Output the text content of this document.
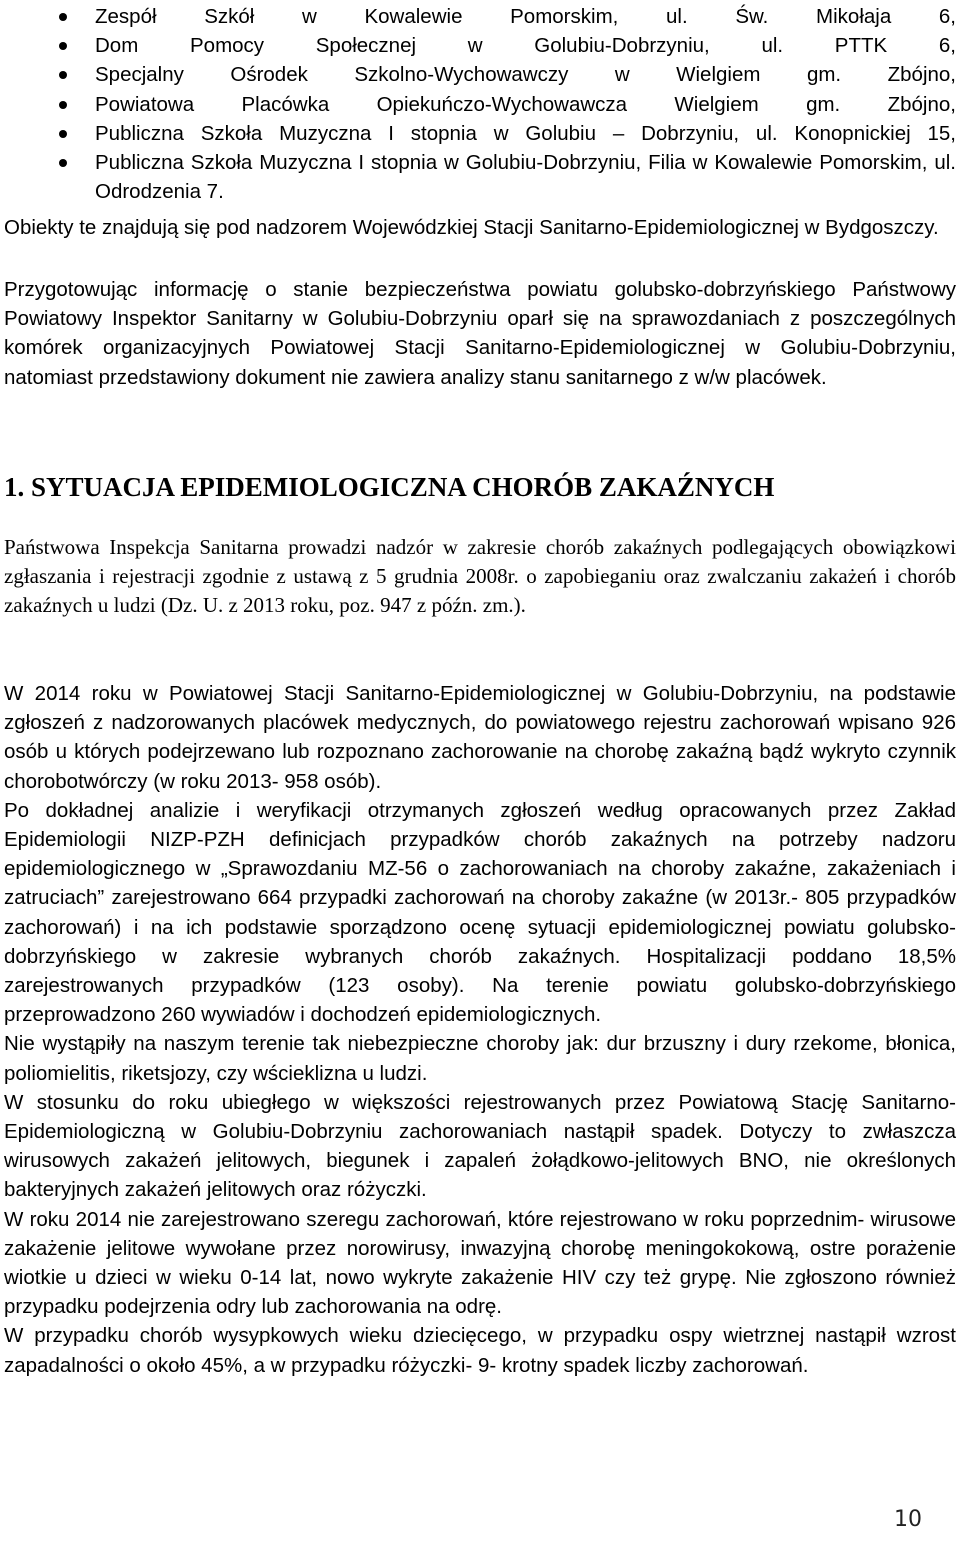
Zespół Szkół w Kowalewie Pomorskim, ul. Św. Mikołaja 6,
Dom Pomocy Społecznej w Golubiu-Dobrzyniu, ul. PTTK 6,
Specjalny Ośrodek Szkolno-Wychowawczy w Wielgiem gm. Zbójno,
Powiatowa Placówka Opiekuńczo-Wychowawcza Wielgiem gm. Zbójno,
Publiczna Szkoła Muzyczna I stopnia w Golubiu – Dobrzyniu, ul. Konopnickiej 15,
Publiczna Szkoła Muzyczna I stopnia w Golubiu-Dobrzyniu, Filia w Kowalewie Pomorskim, ul. Odrodzenia 7.

Obiekty te znajdują się pod nadzorem Wojewódzkiej Stacji Sanitarno-Epidemiologicznej w Bydgoszczy.

Przygotowując informację o stanie bezpieczeństwa powiatu golubsko-dobrzyńskiego Państwowy Powiatowy Inspektor Sanitarny w Golubiu-Dobrzyniu oparł się na sprawozdaniach z poszczególnych komórek organizacyjnych Powiatowej Stacji Sanitarno-Epidemiologicznej w Golubiu-Dobrzyniu, natomiast przedstawiony dokument nie zawiera analizy stanu sanitarnego z w/w placówek.

1. SYTUACJA EPIDEMIOLOGICZNA CHORÓB ZAKAŹNYCH

Państwowa Inspekcja Sanitarna prowadzi nadzór w zakresie chorób zakaźnych podlegających obowiązkowi zgłaszania i rejestracji zgodnie z ustawą z 5 grudnia 2008r. o zapobieganiu oraz zwalczaniu zakażeń i chorób zakaźnych u ludzi (Dz. U. z 2013 roku, poz. 947 z późn. zm.).

W 2014 roku w Powiatowej Stacji Sanitarno-Epidemiologicznej w Golubiu-Dobrzyniu, na podstawie zgłoszeń z nadzorowanych placówek medycznych, do powiatowego rejestru zachorowań wpisano 926 osób u których podejrzewano lub rozpoznano zachorowanie na chorobę zakaźną bądź wykryto czynnik chorobotwórczy (w roku 2013- 958 osób).

Po dokładnej analizie i weryfikacji otrzymanych zgłoszeń według opracowanych przez Zakład Epidemiologii NIZP-PZH definicjach przypadków chorób zakaźnych na potrzeby nadzoru epidemiologicznego w „Sprawozdaniu MZ-56 o zachorowaniach na choroby zakaźne, zakażeniach i zatruciach” zarejestrowano 664 przypadki zachorowań na choroby zakaźne (w 2013r.- 805 przypadków zachorowań) i na ich podstawie sporządzono ocenę sytuacji epidemiologicznej powiatu golubsko-dobrzyńskiego w zakresie wybranych chorób zakaźnych. Hospitalizacji poddano 18,5% zarejestrowanych przypadków (123 osoby). Na terenie powiatu golubsko-dobrzyńskiego przeprowadzono 260 wywiadów i dochodzeń epidemiologicznych.

Nie wystąpiły na naszym terenie tak niebezpieczne choroby jak: dur brzuszny i dury rzekome, błonica, poliomielitis, riketsjozy, czy wścieklizna u ludzi.

W stosunku do roku ubiegłego w większości rejestrowanych przez Powiatową Stację Sanitarno-Epidemiologiczną w Golubiu-Dobrzyniu zachorowaniach nastąpił spadek. Dotyczy to zwłaszcza wirusowych zakażeń jelitowych, biegunek i zapaleń żołądkowo-jelitowych BNO, nie określonych bakteryjnych zakażeń jelitowych oraz różyczki.

W roku 2014 nie zarejestrowano szeregu zachorowań, które rejestrowano w roku poprzednim- wirusowe zakażenie jelitowe wywołane przez norowirusy, inwazyjną chorobę meningokokową, ostre porażenie wiotkie u dzieci w wieku 0-14 lat, nowo wykryte zakażenie HIV czy też grypę. Nie zgłoszono również przypadku podejrzenia odry lub zachorowania na odrę.

W przypadku chorób wysypkowych wieku dziecięcego, w przypadku ospy wietrznej nastąpił wzrost zapadalności o około 45%, a w przypadku różyczki- 9- krotny spadek liczby zachorowań.

10
